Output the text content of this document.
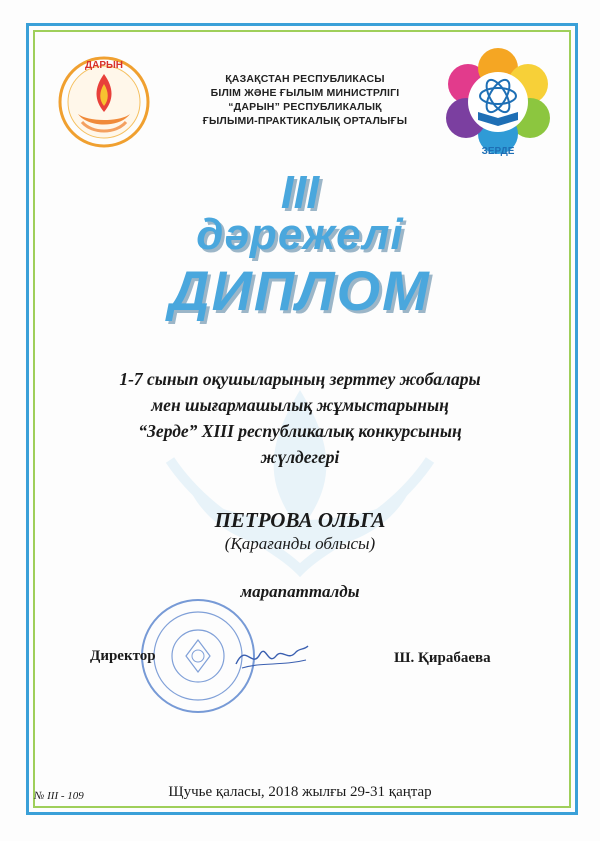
ДАРЫН
ҚАЗАҚСТАН РЕСПУБЛИКАСЫ
БІЛІМ ЖӘНЕ ҒЫЛЫМ МИНИСТРЛІГІ
“ДАРЫН” РЕСПУБЛИКАЛЫҚ
ҒЫЛЫМИ-ПРАКТИКАЛЫҚ ОРТАЛЫҒЫ
ЗЕРДЕ
III
дәрежелі
ДИПЛОМ
1-7 сынып оқушыларының зерттеу жобалары
мен шығармашылық жұмыстарының
“Зерде” XIII республикалық конкурсының
жүлдегері
ПЕТРОВА ОЛЬГА
(Қарағанды облысы)
марапатталды
Директор	Ш. Қирабаева
№ III - 109	Щучье қаласы, 2018 жылғы 29-31 қаңтар
